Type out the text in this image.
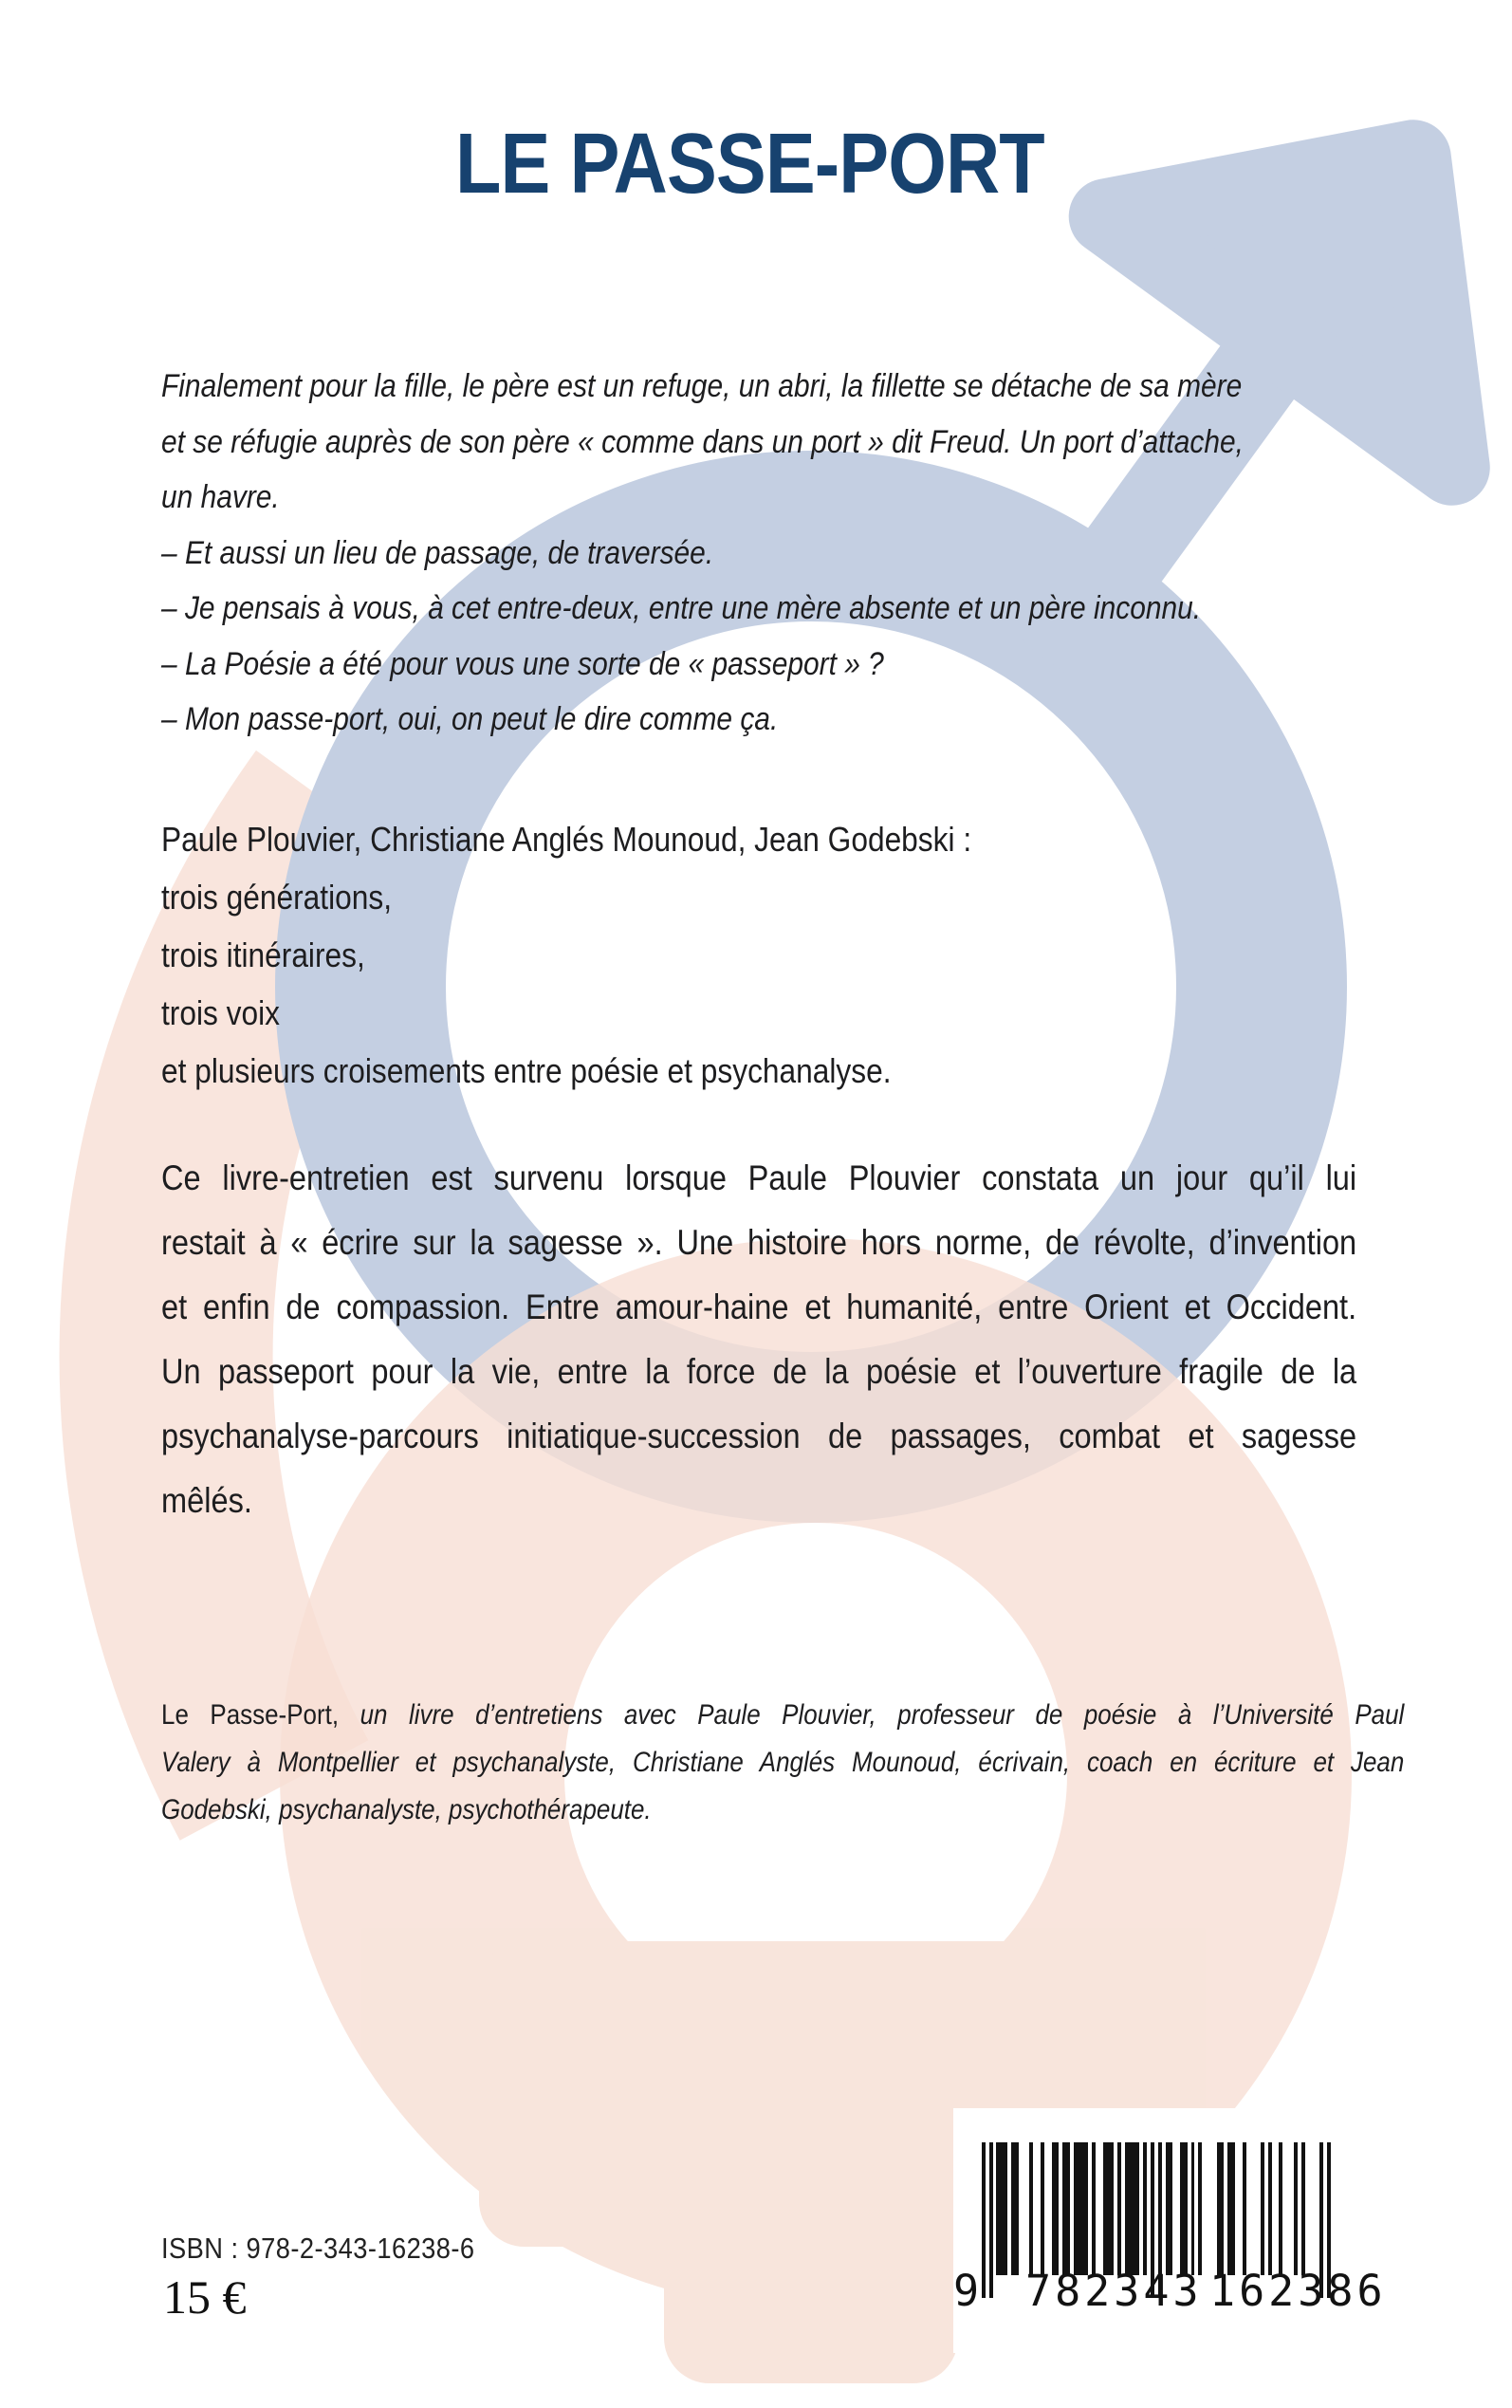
LE PASSE-PORT
Finalement pour la fille, le père est un refuge, un abri, la fillette se détache de sa mère
et se réfugie auprès de son père « comme dans un port » dit Freud. Un port d’attache,
un havre.
– Et aussi un lieu de passage, de traversée.
– Je pensais à vous, à cet entre-deux, entre une mère absente et un père inconnu.
– La Poésie a été pour vous une sorte de « passeport » ?
– Mon passe-port, oui, on peut le dire comme ça.
Paule Plouvier, Christiane Anglés Mounoud, Jean Godebski :
trois générations,
trois itinéraires,
trois voix
et plusieurs croisements entre poésie et psychanalyse.
Ce livre-entretien est survenu lorsque Paule Plouvier constata un jour qu’il lui
restait à « écrire sur la sagesse ». Une histoire hors norme, de révolte, d’invention
et enfin de compassion. Entre amour-haine et humanité, entre Orient et Occident.
Un passeport pour la vie, entre la force de la poésie et l’ouverture fragile de la
psychanalyse-parcours initiatique-succession de passages, combat et sagesse
mêlés.
Le Passe-Port, un livre d’entretiens avec Paule Plouvier, professeur de poésie à l’Université Paul
Valery à Montpellier et psychanalyste, Christiane Anglés Mounoud, écrivain, coach en écriture et Jean
Godebski, psychanalyste, psychothérapeute.
ISBN : 978-2-343-16238-6
15 €	9 782343 162386
